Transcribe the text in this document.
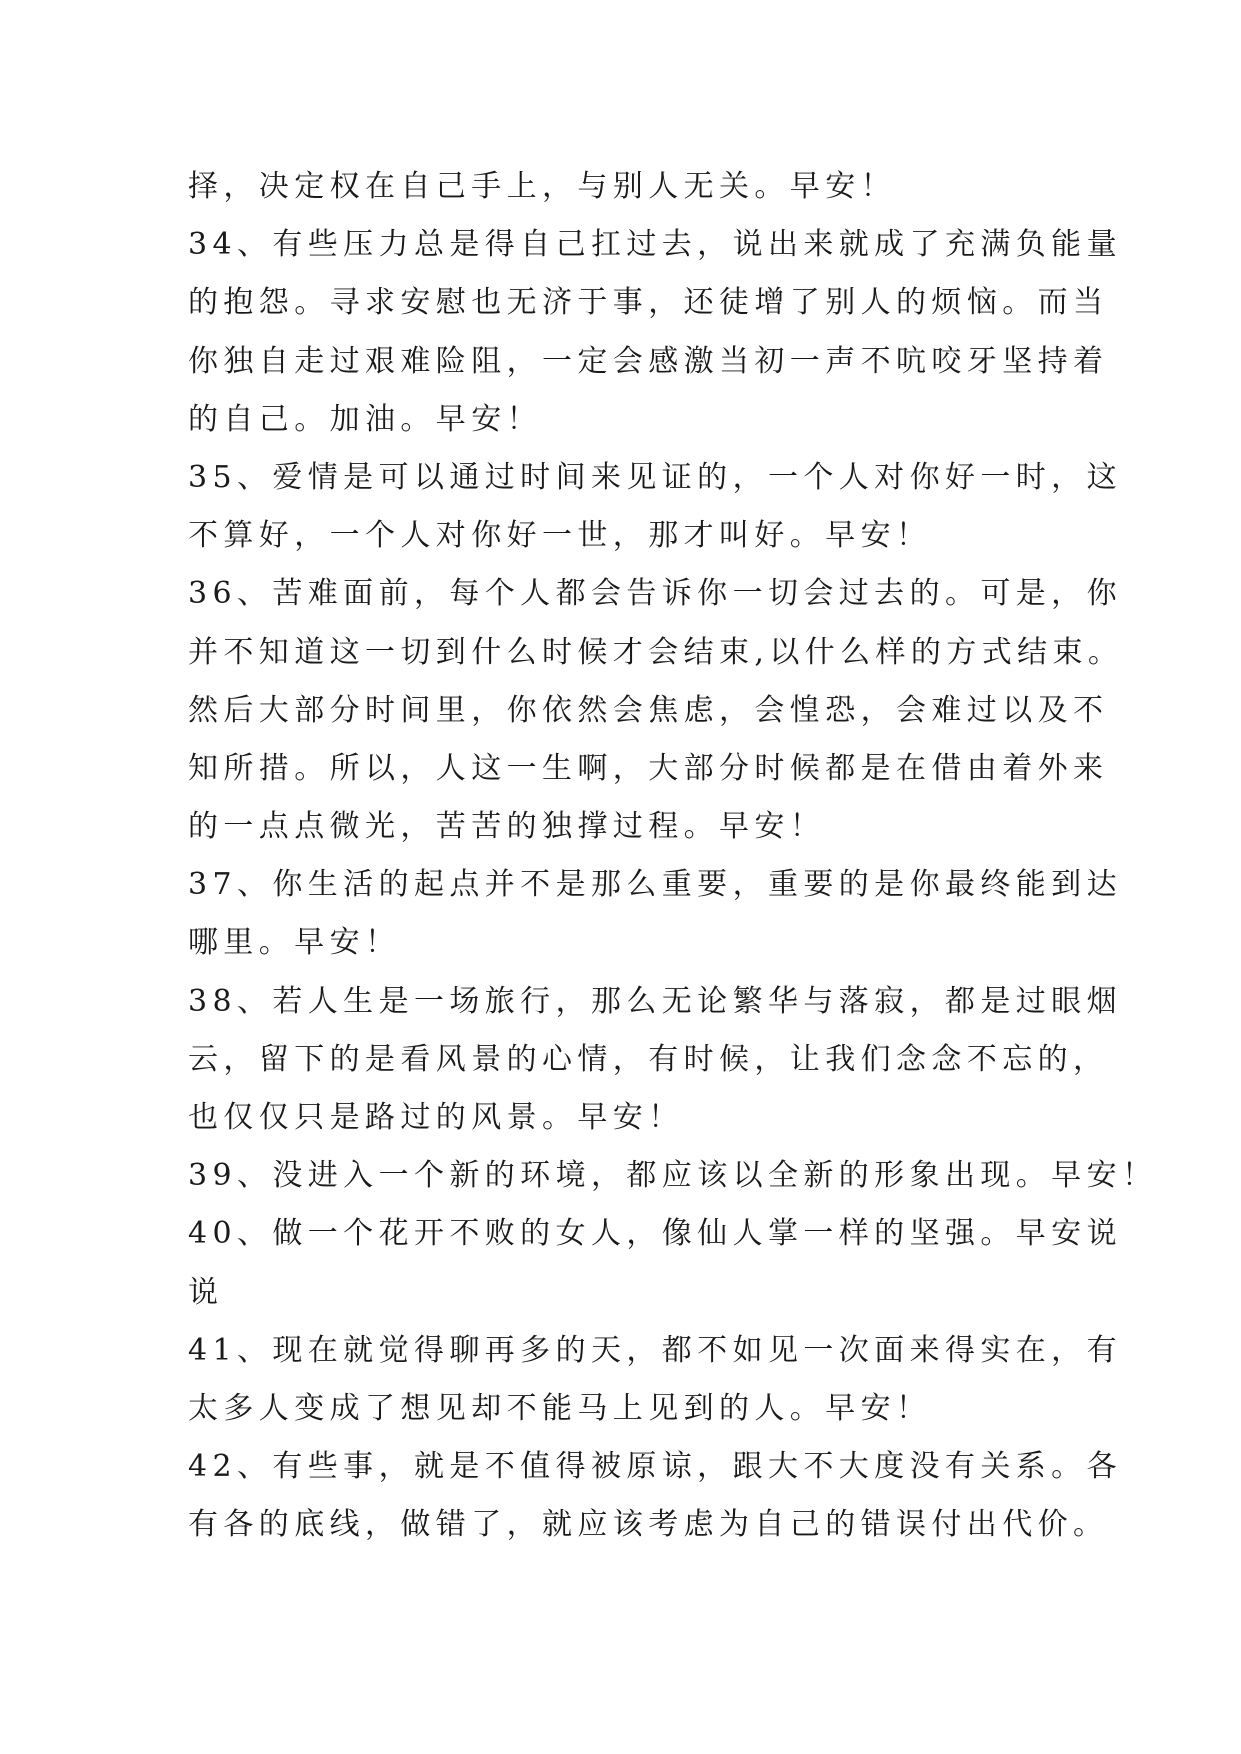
择，决定权在自己手上，与别人无关。早安！
34、有些压力总是得自己扛过去，说出来就成了充满负能量
的抱怨。寻求安慰也无济于事，还徒增了别人的烦恼。而当
你独自走过艰难险阻，一定会感激当初一声不吭咬牙坚持着
的自己。加油。早安！
35、爱情是可以通过时间来见证的，一个人对你好一时，这
不算好，一个人对你好一世，那才叫好。早安！
36、苦难面前，每个人都会告诉你一切会过去的。可是，你
并不知道这一切到什么时候才会结束,以什么样的方式结束。
然后大部分时间里，你依然会焦虑，会惶恐，会难过以及不
知所措。所以，人这一生啊，大部分时候都是在借由着外来
的一点点微光，苦苦的独撑过程。早安！
37、你生活的起点并不是那么重要，重要的是你最终能到达
哪里。早安！
38、若人生是一场旅行，那么无论繁华与落寂，都是过眼烟
云，留下的是看风景的心情，有时候，让我们念念不忘的，
也仅仅只是路过的风景。早安！
39、没进入一个新的环境，都应该以全新的形象出现。早安！
40、做一个花开不败的女人，像仙人掌一样的坚强。早安说
说
41、现在就觉得聊再多的天，都不如见一次面来得实在，有
太多人变成了想见却不能马上见到的人。早安！
42、有些事，就是不值得被原谅，跟大不大度没有关系。各
有各的底线，做错了，就应该考虑为自己的错误付出代价。
